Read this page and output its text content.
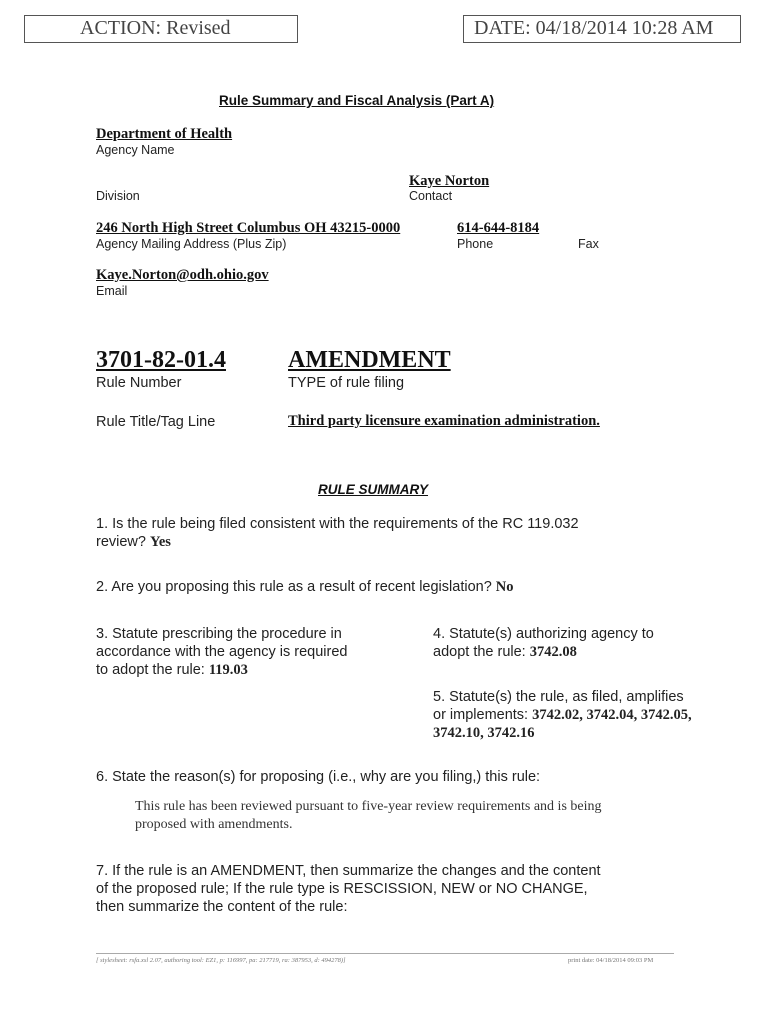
ACTION: Revised	DATE: 04/18/2014 10:28 AM
Rule Summary and Fiscal Analysis (Part A)
Department of Health
Agency Name
Kaye Norton
Division	Contact
246 North High Street Columbus OH 43215-0000	614-644-8184
Agency Mailing Address (Plus Zip)	Phone	Fax
Kaye.Norton@odh.ohio.gov
Email
3701-82-01.4	AMENDMENT
Rule Number	TYPE of rule filing
Rule Title/Tag Line	Third party licensure examination administration.
RULE SUMMARY
1. Is the rule being filed consistent with the requirements of the RC 119.032
review? Yes
2. Are you proposing this rule as a result of recent legislation? No
3. Statute prescribing the procedure in
accordance with the agency is required
to adopt the rule: 119.03
4. Statute(s) authorizing agency to
adopt the rule: 3742.08
5. Statute(s) the rule, as filed, amplifies
or implements: 3742.02, 3742.04, 3742.05,
3742.10, 3742.16
6. State the reason(s) for proposing (i.e., why are you filing,) this rule:
This rule has been reviewed pursuant to five-year review requirements and is being
proposed with amendments.
7. If the rule is an AMENDMENT, then summarize the changes and the content
of the proposed rule; If the rule type is RESCISSION, NEW or NO CHANGE,
then summarize the content of the rule:
[ stylesheet: rsfa.xsl 2.07, authoring tool: EZ1, p: 116997, pa: 217719, ra: 387953, d: 494278)]	print date: 04/18/2014 09:03 PM
